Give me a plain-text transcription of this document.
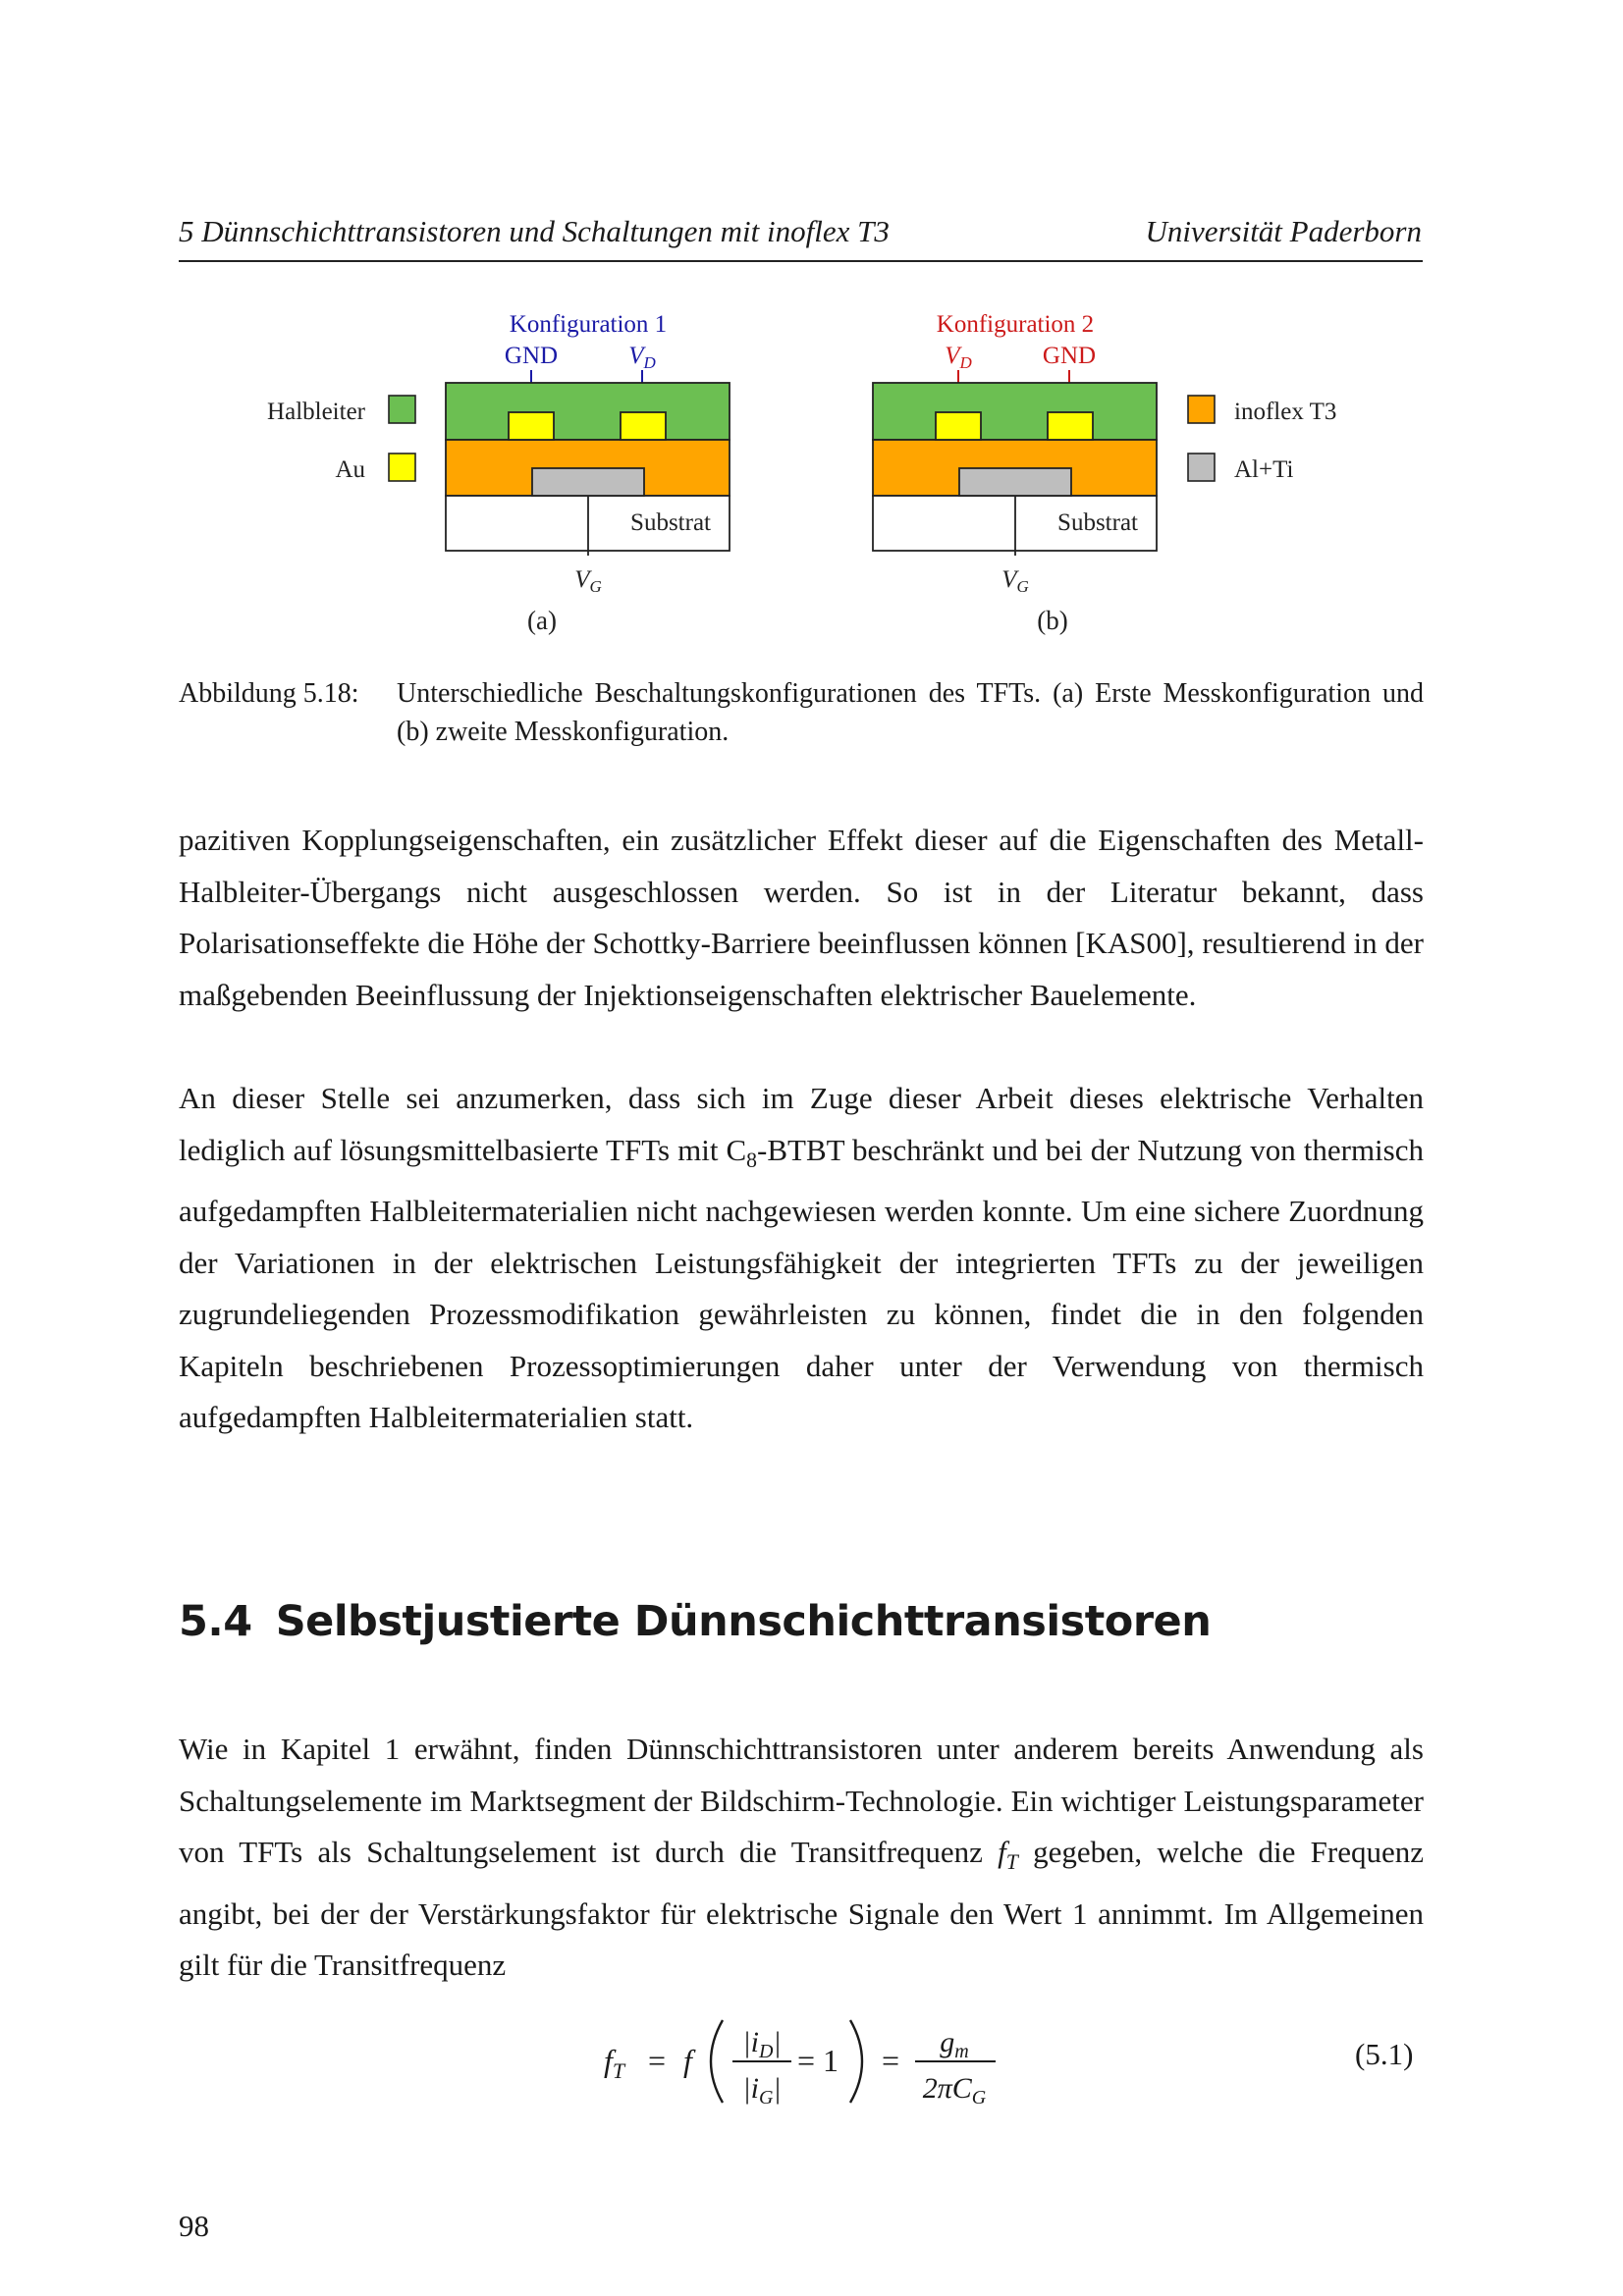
5 Dünnschichttransistoren und Schaltungen mit inoflex T3	Universität Paderborn
Halbleiter
Au
inoflex T3
Al+Ti
Konfiguration 1
GND	$V_D$
Substrat
$V_G$
(a)
Konfiguration 2
$V_D$	GND
Substrat
$V_G$
(b)
Abbildung 5.18: Unterschiedliche Beschaltungskonfigurationen des TFTs. (a) Erste Messkonfiguration und (b) zweite Messkonfiguration.

pazitiven Kopplungseigenschaften, ein zusätzlicher Effekt dieser auf die Eigenschaften des Metall-Halbleiter-Übergangs nicht ausgeschlossen werden. So ist in der Literatur bekannt, dass Polarisationseffekte die Höhe der Schottky-Barriere beeinflussen können [KAS00], resultierend in der maßgebenden Beeinflussung der Injektionseigenschaften elektrischer Bauelemente.

An dieser Stelle sei anzumerken, dass sich im Zuge dieser Arbeit dieses elektrische Verhalten lediglich auf lösungsmittelbasierte TFTs mit $C_8$-BTBT beschränkt und bei der Nutzung von thermisch aufgedampften Halbleitermaterialien nicht nachgewiesen werden konnte. Um eine sichere Zuordnung der Variationen in der elektrischen Leistungsfähigkeit der integrierten TFTs zu der jeweiligen zugrundeliegenden Prozessmodifikation gewährleisten zu können, findet die in den folgenden Kapiteln beschriebenen Prozessoptimierungen daher unter der Verwendung von thermisch aufgedampften Halbleitermaterialien statt.

5.4 Selbstjustierte Dünnschichttransistoren

Wie in Kapitel 1 erwähnt, finden Dünnschichttransistoren unter anderem bereits Anwendung als Schaltungselemente im Marktsegment der Bildschirm-Technologie. Ein wichtiger Leistungsparameter von TFTs als Schaltungselement ist durch die Transitfrequenz $f_T$ gegeben, welche die Frequenz angibt, bei der der Verstärkungsfaktor für elektrische Signale den Wert 1 annimmt. Im Allgemeinen gilt für die Transitfrequenz

$f_T = f$
$|i_D|$
$|i_G|$
= 1 =
$g_m$
$2\pi C_G$
(5.1)
98
